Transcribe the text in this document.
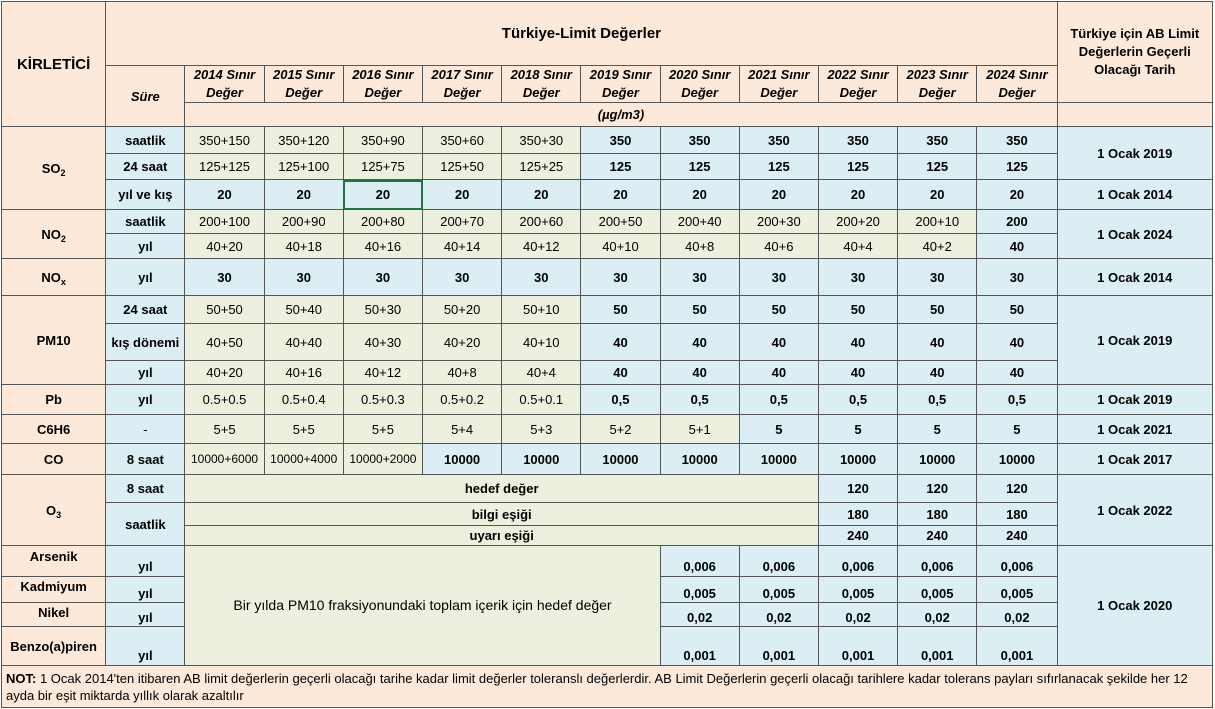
KİRLETİCİ	Türkiye-Limit Değerler												Türkiye için AB Limit Değerlerin Geçerli Olacağı Tarih
	Süre	2014 Sınır Değer	2015 Sınır Değer	2016 Sınır Değer	2017 Sınır Değer	2018 Sınır Değer	2019 Sınır Değer	2020 Sınır Değer	2021 Sınır Değer	2022 Sınır Değer	2023 Sınır Değer	2024 Sınır Değer	
		(µg/m3)											
$SO_2$	saatlik	350+150	350+120	350+90	350+60	350+30	350	350	350	350	350	350	1 Ocak 2019
	24 saat	125+125	125+100	125+75	125+50	125+25	125	125	125	125	125	125	
	yıl ve kış	20	20	20	20	20	20	20	20	20	20	20	1 Ocak 2014
$NO_2$	saatlik	200+100	200+90	200+80	200+70	200+60	200+50	200+40	200+30	200+20	200+10	200	1 Ocak 2024
	yıl	40+20	40+18	40+16	40+14	40+12	40+10	40+8	40+6	40+4	40+2	40	
$NO_x$	yıl	30	30	30	30	30	30	30	30	30	30	30	1 Ocak 2014
PM10	24 saat	50+50	50+40	50+30	50+20	50+10	50	50	50	50	50	50	1 Ocak 2019
	kış dönemi	40+50	40+40	40+30	40+20	40+10	40	40	40	40	40	40	
	yıl	40+20	40+16	40+12	40+8	40+4	40	40	40	40	40	40	
Pb	yıl	0.5+0.5	0.5+0.4	0.5+0.3	0.5+0.2	0.5+0.1	0,5	0,5	0,5	0,5	0,5	0,5	1 Ocak 2019
C6H6	-	5+5	5+5	5+5	5+4	5+3	5+2	5+1	5	5	5	5	1 Ocak 2021
CO	8 saat	10000+6000	10000+4000	10000+2000	10000	10000	10000	10000	10000	10000	10000	10000	1 Ocak 2017
$O_3$	8 saat	hedef değer								120	120	120	1 Ocak 2022
	saatlik	bilgi eşiği								180	180	180	
		uyarı eşiği								240	240	240	
Arsenik	yıl	Bir yılda PM10 fraksiyonundaki toplam içerik için hedef değer						0,006	0,006	0,006	0,006	0,006	1 Ocak 2020
Kadmiyum	yıl							0,005	0,005	0,005	0,005	0,005	
Nikel	yıl							0,02	0,02	0,02	0,02	0,02	
Benzo(a)piren	yıl							0,001	0,001	0,001	0,001	0,001	
NOT: 1 Ocak 2014'ten itibaren AB limit değerlerin geçerli olacağı tarihe kadar limit değerler toleranslı değerlerdir. AB Limit Değerlerin geçerli olacağı tarihlere kadar tolerans payları sıfırlanacak şekilde her 12 ayda bir eşit miktarda yıllık olarak azaltılır													
